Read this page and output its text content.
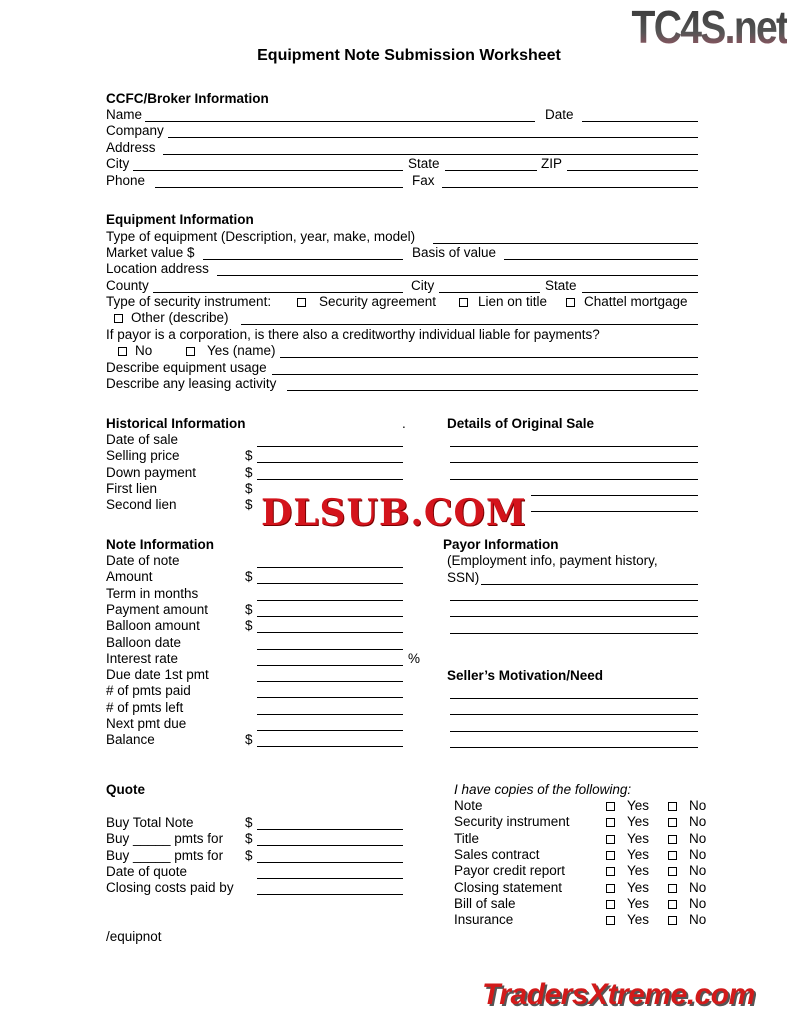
TC4S.net
Equipment Note Submission Worksheet
CCFC/Broker Information
Name	Date
Company
Address
City	State	ZIP
Phone	Fax
Equipment Information
Type of equipment (Description, year, make, model)
Market value $	Basis of value
Location address
County	City	State
Type of security instrument:	Security agreement	Lien on title	Chattel mortgage
Other (describe)
If payor is a corporation, is there also a creditworthy individual liable for payments?
No	Yes (name)
Describe equipment usage
Describe any leasing activity
Historical Information	.	Details of Original Sale
Date of sale
Selling price	$
Down payment	$
First lien	$
Second lien	$
Note Information
Date of note
Amount	$
Term in months
Payment amount	$
Balloon amount	$
Balloon date
Interest rate	%
Due date 1st pmt
# of pmts paid
# of pmts left
Next pmt due
Balance	$
Payor Information
(Employment info, payment history,
SSN)
Seller’s Motivation/Need
Quote
Buy Total Note	$
Buy _____ pmts for $
Buy _____ pmts for $
Date of quote
Closing costs paid by
I have copies of the following:
Note	Yes	No
Security instrument	Yes	No
Title	Yes	No
Sales contract	Yes	No
Payor credit report	Yes	No
Closing statement	Yes	No
Bill of sale	Yes	No
Insurance	Yes	No
/equipnot
DLSUB.COM
TradersXtreme.com
